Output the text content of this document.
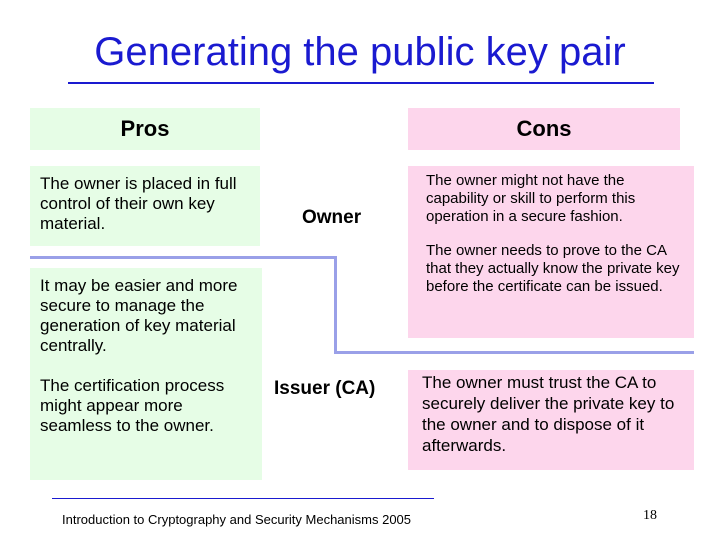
Generating the public key pair
Pros
The owner is placed in full control of their own key material.
It may be easier and more secure to manage the generation of key material centrally.
The certification process might appear more seamless to the owner.
Cons
The owner might not have the capability or skill to perform this operation in a secure fashion.
The owner needs to prove to the CA that they actually know the private key before the certificate can be issued.
The owner must trust the CA to securely deliver the private key to the owner and to dispose of it afterwards.
Owner
Issuer (CA)
Introduction to Cryptography and Security Mechanisms 2005	18
